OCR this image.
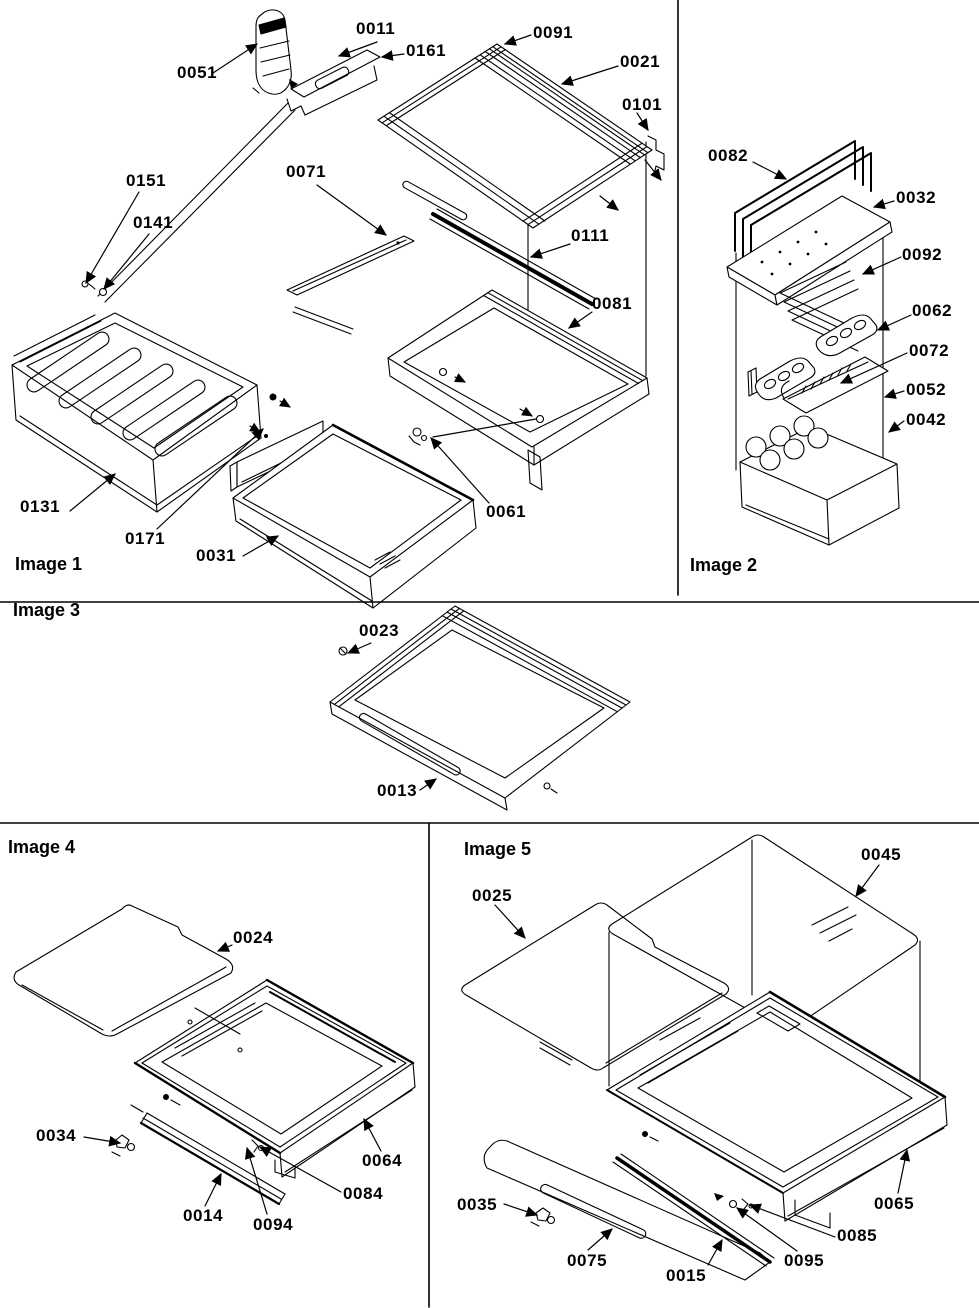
Image 1	Image 2
Image 3
Image 4	Image 5
0011
0161
0051
0091
0021
0101
0151
0141
0071
0111
0081
0131
0171
0031
0061
0082
0032
0092
0062
0072
0052
0042
0023
0013
0024
0034
0064
0084
0014 0094
0025
0045
0035
0075
0015
0095
0085
0065
